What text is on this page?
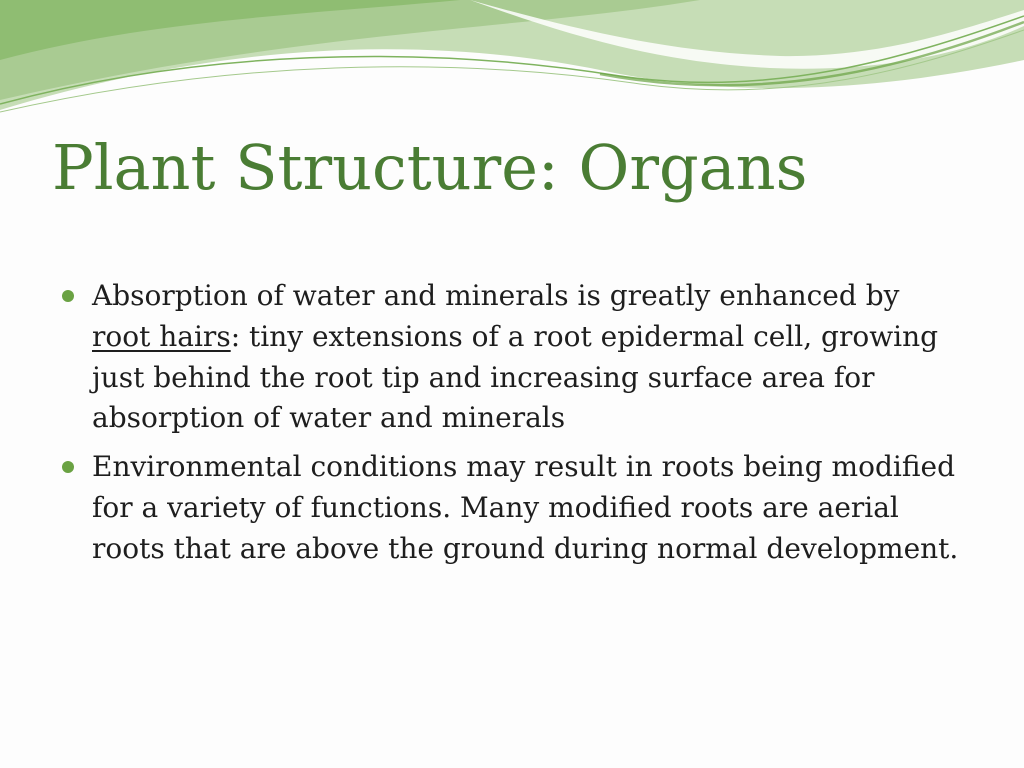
Plant Structure: Organs
Absorption of water and minerals is greatly enhanced by root hairs: tiny extensions of a root epidermal cell, growing just behind the root tip and increasing surface area for absorption of water and minerals
Environmental conditions may result in roots being modified for a variety of functions. Many modified roots are aerial roots that are above the ground during normal development.
